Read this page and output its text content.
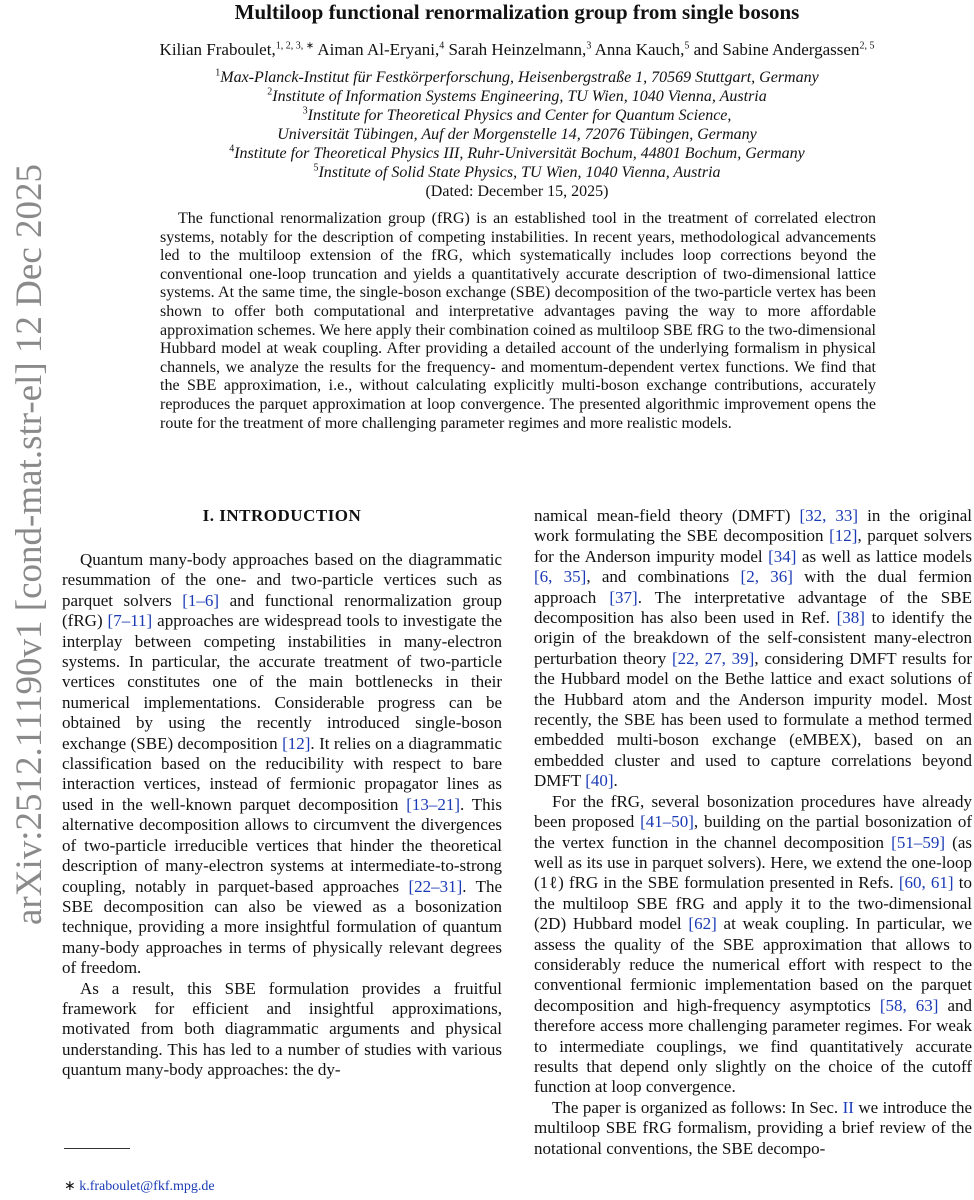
arXiv:2512.11190v1 [cond-mat.str-el] 12 Dec 2025
Multiloop functional renormalization group from single bosons
Kilian Fraboulet,$^{1, 2, 3, ∗}$ Aiman Al-Eryani,$^4$ Sarah Heinzelmann,$^3$ Anna Kauch,$^5$ and Sabine Andergassen$^{2, 5}$
$^1$Max-Planck-Institut für Festkörperforschung, Heisenbergstraße 1, 70569 Stuttgart, Germany
$^2$Institute of Information Systems Engineering, TU Wien, 1040 Vienna, Austria
$^3$Institute for Theoretical Physics and Center for Quantum Science,
Universität Tübingen, Auf der Morgenstelle 14, 72076 Tübingen, Germany
$^4$Institute for Theoretical Physics III, Ruhr-Universität Bochum, 44801 Bochum, Germany
$^5$Institute of Solid State Physics, TU Wien, 1040 Vienna, Austria
(Dated: December 15, 2025)
The functional renormalization group (fRG) is an established tool in the treatment of correlated electron systems, notably for the description of competing instabilities. In recent years, methodological advancements led to the multiloop extension of the fRG, which systematically includes loop corrections beyond the conventional one-loop truncation and yields a quantitatively accurate description of two-dimensional lattice systems. At the same time, the single-boson exchange (SBE) decomposition of the two-particle vertex has been shown to offer both computational and interpretative advantages paving the way to more affordable approximation schemes. We here apply their combination coined as multiloop SBE fRG to the two-dimensional Hubbard model at weak coupling. After providing a detailed account of the underlying formalism in physical channels, we analyze the results for the frequency- and momentum-dependent vertex functions. We find that the SBE approximation, i.e., without calculating explicitly multi-boson exchange contributions, accurately reproduces the parquet approximation at loop convergence. The presented algorithmic improvement opens the route for the treatment of more challenging parameter regimes and more realistic models.
I. INTRODUCTION

Quantum many-body approaches based on the diagrammatic resummation of the one- and two-particle vertices such as parquet solvers [1–6] and functional renormalization group (fRG) [7–11] approaches are widespread tools to investigate the interplay between competing instabilities in many-electron systems. In particular, the accurate treatment of two-particle vertices constitutes one of the main bottlenecks in their numerical implementations. Considerable progress can be obtained by using the recently introduced single-boson exchange (SBE) decomposition [12]. It relies on a diagrammatic classification based on the reducibility with respect to bare interaction vertices, instead of fermionic propagator lines as used in the well-known parquet decomposition [13–21]. This alternative decomposition allows to circumvent the divergences of two-particle irreducible vertices that hinder the theoretical description of many-electron systems at intermediate-to-strong coupling, notably in parquet-based approaches [22–31]. The SBE decomposition can also be viewed as a bosonization technique, providing a more insightful formulation of quantum many-body approaches in terms of physically relevant degrees of freedom.

As a result, this SBE formulation provides a fruitful framework for efficient and insightful approximations, motivated from both diagrammatic arguments and physical understanding. This has led to a number of studies with various quantum many-body approaches: the dy-

namical mean-field theory (DMFT) [32, 33] in the original work formulating the SBE decomposition [12], parquet solvers for the Anderson impurity model [34] as well as lattice models [6, 35], and combinations [2, 36] with the dual fermion approach [37]. The interpretative advantage of the SBE decomposition has also been used in Ref. [38] to identify the origin of the breakdown of the self-consistent many-electron perturbation theory [22, 27, 39], considering DMFT results for the Hubbard model on the Bethe lattice and exact solutions of the Hubbard atom and the Anderson impurity model. Most recently, the SBE has been used to formulate a method termed embedded multi-boson exchange (eMBEX), based on an embedded cluster and used to capture correlations beyond DMFT [40].

For the fRG, several bosonization procedures have already been proposed [41–50], building on the partial bosonization of the vertex function in the channel decomposition [51–59] (as well as its use in parquet solvers). Here, we extend the one-loop (1ℓ) fRG in the SBE formulation presented in Refs. [60, 61] to the multiloop SBE fRG and apply it to the two-dimensional (2D) Hubbard model [62] at weak coupling. In particular, we assess the quality of the SBE approximation that allows to considerably reduce the numerical effort with respect to the conventional fermionic implementation based on the parquet decomposition and high-frequency asymptotics [58, 63] and therefore access more challenging parameter regimes. For weak to intermediate couplings, we find quantitatively accurate results that depend only slightly on the choice of the cutoff function at loop convergence.

The paper is organized as follows: In Sec. II we introduce the multiloop SBE fRG formalism, providing a brief review of the notational conventions, the SBE decompo-

∗ k.fraboulet@fkf.mpg.de
